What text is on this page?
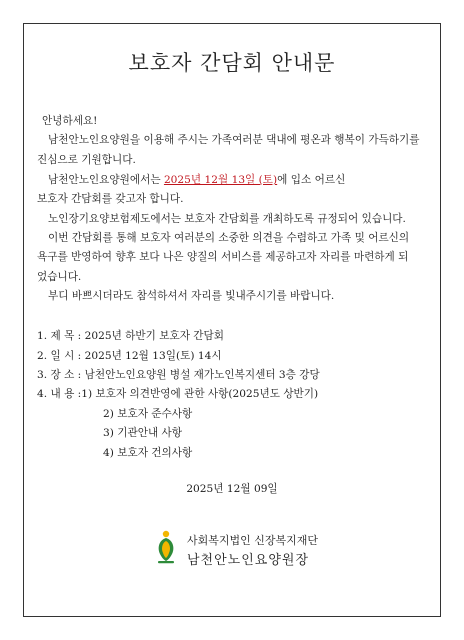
보호자 간담회 안내문
안녕하세요!
남천안노인요양원을 이용해 주시는 가족여러분 댁내에 평온과 행복이 가득하기를
진심으로 기원합니다.
남천안노인요양원에서는 2025년 12월 13일 (토)에 입소 어르신
보호자 간담회를 갖고자 합니다.
노인장기요양보험제도에서는 보호자 간담회를 개최하도록 규정되어 있습니다.
이번 간담회를 통해 보호자 여러분의 소중한 의견을 수렴하고 가족 및 어르신의
욕구를 반영하여 향후 보다 나은 양질의 서비스를 제공하고자 자리를 마련하게 되
었습니다.
부디 바쁘시더라도 참석하셔서 자리를 빛내주시기를 바랍니다.
1. 제 목 : 2025년 하반기 보호자 간담회
2. 일 시 : 2025년 12월 13일(토) 14시
3. 장 소 : 남천안노인요양원 병설 재가노인복지센터 3층 강당
4. 내 용 :1) 보호자 의견반영에 관한 사항(2025년도 상반기)
2) 보호자 준수사항
3) 기관안내 사항
4) 보호자 건의사항
2025년 12월 09일
사회복지법인 신장복지재단
남천안노인요양원장
